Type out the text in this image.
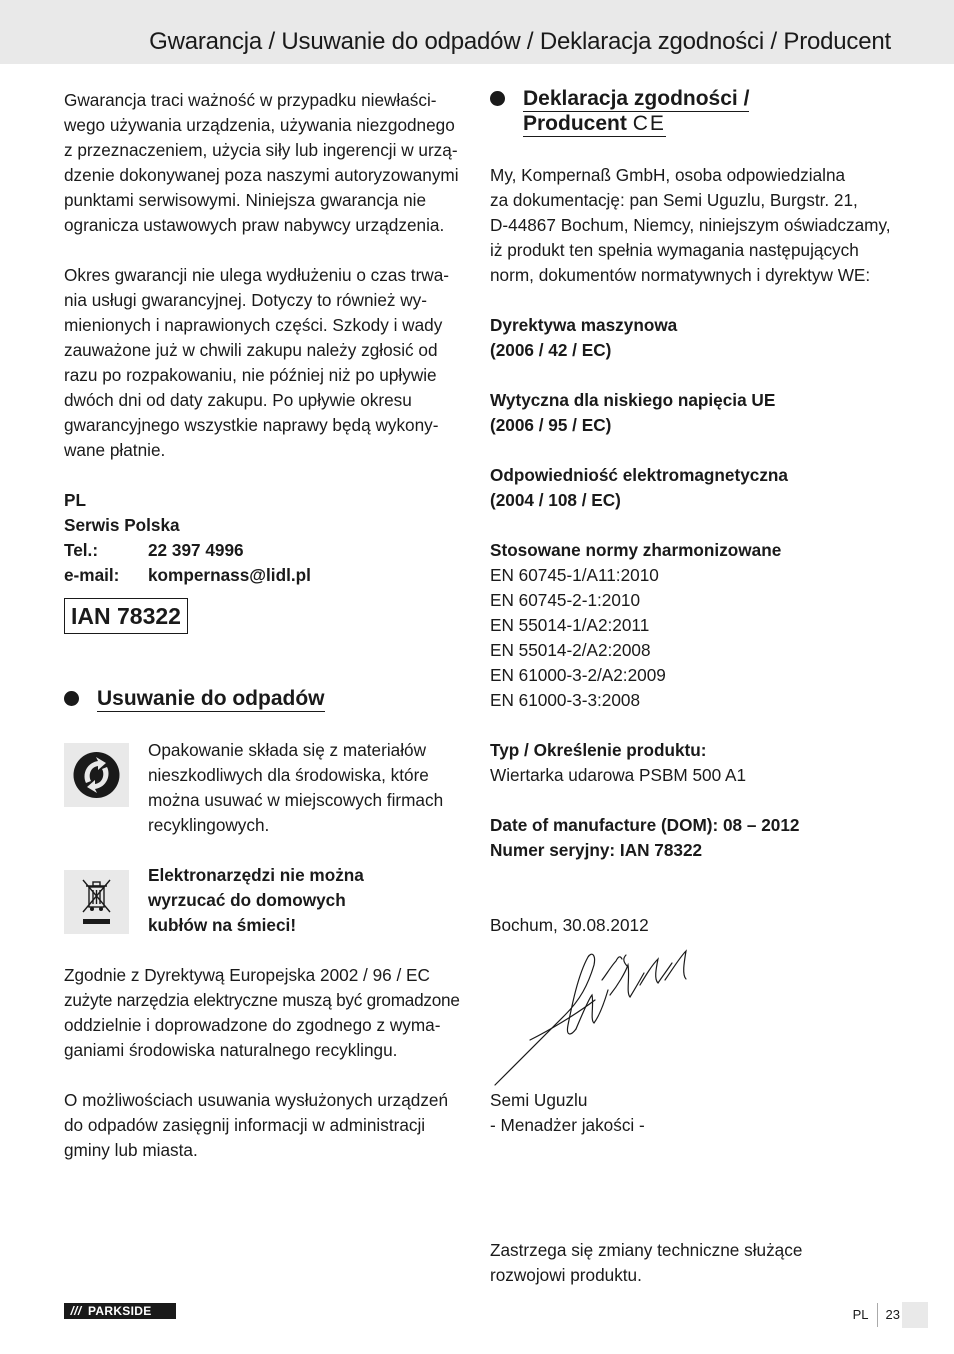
Gwarancja / Usuwanie do odpadów / Deklaracja zgodności / Producent

Gwarancja traci ważność w przypadku niewłaści-

wego używania urządzenia, używania niezgodnego

z przeznaczeniem, użycia siły lub ingerencji w urzą-

dzenie dokonywanej poza naszymi autoryzowanymi

punktami serwisowymi. Niniejsza gwarancja nie

ogranicza ustawowych praw nabywcy urządzenia.

Okres gwarancji nie ulega wydłużeniu o czas trwa-

nia usługi gwarancyjnej. Dotyczy to również wy-

mienionych i naprawionych części. Szkody i wady

zauważone już w chwili zakupu należy zgłosić od

razu po rozpakowaniu, nie później niż po upływie

dwóch dni od daty zakupu. Po upływie okresu

gwarancyjnego wszystkie naprawy będą wykony-

wane płatnie.

PL

Serwis Polska

Tel.:	22 397 4996
e-mail:	kompernass@lidl.pl
IAN 78322
Usuwanie do odpadów

Opakowanie składa się z materiałów

nieszkodliwych dla środowiska, które

można usuwać w miejscowych firmach

recyklingowych.

Elektronarzędzi nie można

wyrzucać do domowych

kubłów na śmieci!

Zgodnie z Dyrektywą Europejska 2002 / 96 / EC

zużyte narzędzia elektryczne muszą być gromadzone

oddzielnie i doprowadzone do zgodnego z wyma-

ganiami środowiska naturalnego recyklingu.

O możliwościach usuwania wysłużonych urządzeń

do odpadów zasięgnij informacji w administracji

gminy lub miasta.

Deklaracja zgodności /
Producent CE

My, Kompernaß GmbH, osoba odpowiedzialna

za dokumentację: pan Semi Uguzlu, Burgstr. 21,

D-44867 Bochum, Niemcy, niniejszym oświadczamy,

iż produkt ten spełnia wymagania następujących

norm, dokumentów normatywnych i dyrektyw WE:

Dyrektywa maszynowa

(2006 / 42 / EC)

Wytyczna dla niskiego napięcia UE

(2006 / 95 / EC)

Odpowiedniość elektromagnetyczna

(2004 / 108 / EC)

Stosowane normy zharmonizowane

EN 60745-1/A11:2010

EN 60745-2-1:2010

EN 55014-1/A2:2011

EN 55014-2/A2:2008

EN 61000-3-2/A2:2009

EN 61000-3-3:2008

Typ / Określenie produktu:

Wiertarka udarowa PSBM 500 A1

Date of manufacture (DOM): 08 – 2012

Numer seryjny: IAN 78322

Bochum, 30.08.2012

Semi Uguzlu

- Menadżer jakości -

Zastrzega się zmiany techniczne służące

rozwojowi produktu.

/// PARKSIDE	PL 23
